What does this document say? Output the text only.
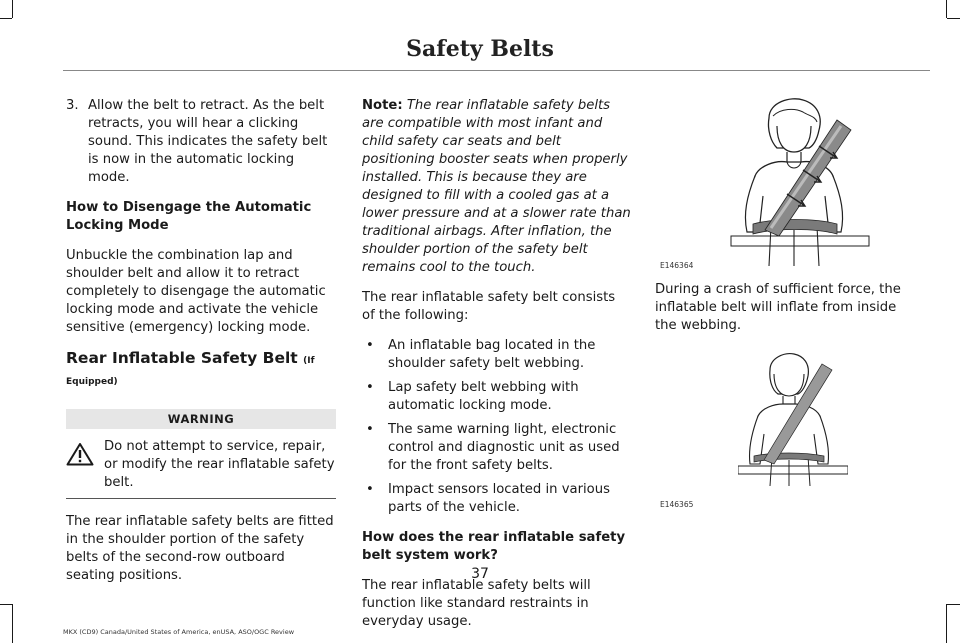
Safety Belts
3. Allow the belt to retract. As the belt retracts, you will hear a clicking sound. This indicates the safety belt is now in the automatic locking mode.

How to Disengage the Automatic Locking Mode

Unbuckle the combination lap and shoulder belt and allow it to retract completely to disengage the automatic locking mode and activate the vehicle sensitive (emergency) locking mode.

Rear Inflatable Safety Belt (If Equipped)
WARNING
Do not attempt to service, repair, or modify the rear inflatable safety belt.

The rear inflatable safety belts are fitted in the shoulder portion of the safety belts of the second-row outboard seating positions.

Note: The rear inflatable safety belts are compatible with most infant and child safety car seats and belt positioning booster seats when properly installed. This is because they are designed to fill with a cooled gas at a lower pressure and at a slower rate than traditional airbags. After inflation, the shoulder portion of the safety belt remains cool to the touch.

The rear inflatable safety belt consists of the following:

•	An inflatable bag located in the shoulder safety belt webbing.
•	Lap safety belt webbing with automatic locking mode.
•	The same warning light, electronic control and diagnostic unit as used for the front safety belts.
•	Impact sensors located in various parts of the vehicle.

How does the rear inflatable safety belt system work?

The rear inflatable safety belts will function like standard restraints in everyday usage.

E146364

During a crash of sufficient force, the inflatable belt will inflate from inside the webbing.

E146365
37
MKX (CD9) Canada/United States of America, enUSA, ASO/OGC Review
